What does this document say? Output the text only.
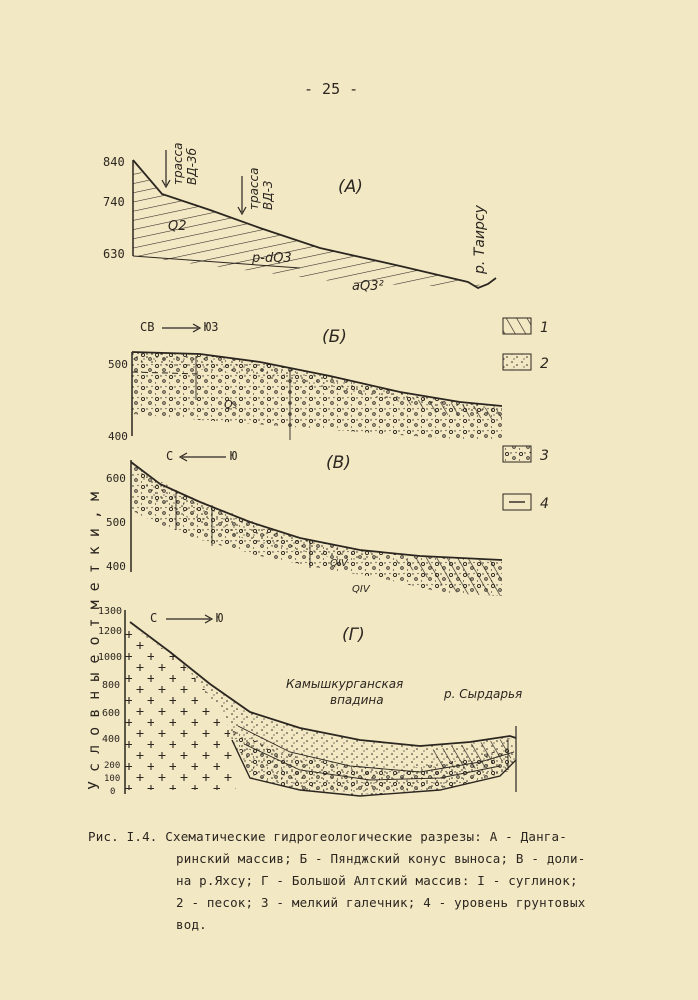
- 25 -
У с л о в н ы е о т м е т к и , м
(А)
840
740
630
трасса ВД-3б
трасса ВД-3
Q2
p-dQ3
aQ3²
р. Таирсу
1
2
3
4
СВ	ЮЗ	(Б)
500
400
Q₃
С	Ю	(В)
600
500
400	QIV
QIV
С	Ю
(Г)
1300
1200
1000
800
600
400
200
100
0
Камышкурганская
впадина	р. Сырдарья
Рис. I.4. Схематические гидрогеологические разрезы: А - Данга-
ринский массив; Б - Пянджский конус выноса; В - доли-
на р.Яхсу; Г - Большой Алтский массив: I - суглинок;
2 - песок; 3 - мелкий галечник; 4 - уровень грунтовых
вод.
